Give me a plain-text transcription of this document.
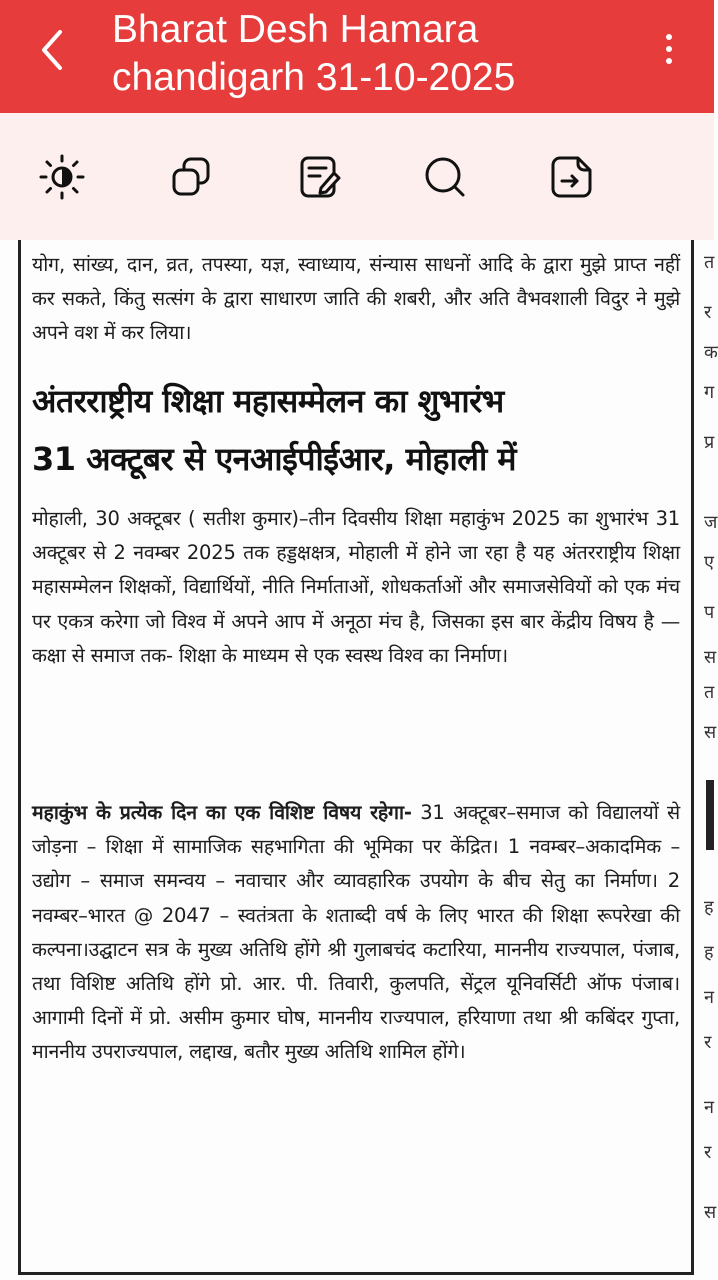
Bharat Desh Hamara
chandigarh 31-10-2025
योग, सांख्य, दान, व्रत, तपस्या, यज्ञ, स्वाध्याय, संन्यास साधनों आदि के द्वारा मुझे प्राप्त नहीं कर सकते, किंतु सत्संग के द्वारा साधारण जाति की शबरी, और अति वैभवशाली विदुर ने मुझे अपने वश में कर लिया।
अंतरराष्ट्रीय शिक्षा महासम्मेलन का शुभारंभ
31 अक्टूबर से एनआईपीईआर, मोहाली में
मोहाली, 30 अक्टूबर ( सतीश कुमार)–तीन दिवसीय शिक्षा महाकुंभ 2025 का शुभारंभ 31 अक्टूबर से 2 नवम्बर 2025 तक हड्डक्षक्षत्र, मोहाली में होने जा रहा है यह अंतरराष्ट्रीय शिक्षा महासम्मेलन शिक्षकों, विद्यार्थियों, नीति निर्माताओं, शोधकर्ताओं और समाजसेवियों को एक मंच पर एकत्र करेगा जो विश्व में अपने आप में अनूठा मंच है, जिसका इस बार केंद्रीय विषय है —कक्षा से समाज तक- शिक्षा के माध्यम से एक स्वस्थ विश्व का निर्माण।
महाकुंभ के प्रत्येक दिन का एक विशिष्ट विषय रहेगा- 31 अक्टूबर–समाज को विद्यालयों से जोड़ना – शिक्षा में सामाजिक सहभागिता की भूमिका पर केंद्रित। 1 नवम्बर–अकादमिक – उद्योग – समाज समन्वय – नवाचार और व्यावहारिक उपयोग के बीच सेतु का निर्माण। 2 नवम्बर–भारत @ 2047 – स्वतंत्रता के शताब्दी वर्ष के लिए भारत की शिक्षा रूपरेखा की कल्पना।उद्घाटन सत्र के मुख्य अतिथि होंगे श्री गुलाबचंद कटारिया, माननीय राज्यपाल, पंजाब, तथा विशिष्ट अतिथि होंगे प्रो. आर. पी. तिवारी, कुलपति, सेंट्रल यूनिवर्सिटी ऑफ पंजाब।आगामी दिनों में प्रो. असीम कुमार घोष, माननीय राज्यपाल, हरियाणा तथा श्री कबिंदर गुप्ता, माननीय उपराज्यपाल, लद्दाख, बतौर मुख्य अतिथि शामिल होंगे।
त
र
क
ग
प्र
ज
ए
प
स
त
स
ह
ह
न
र
न
र
स
